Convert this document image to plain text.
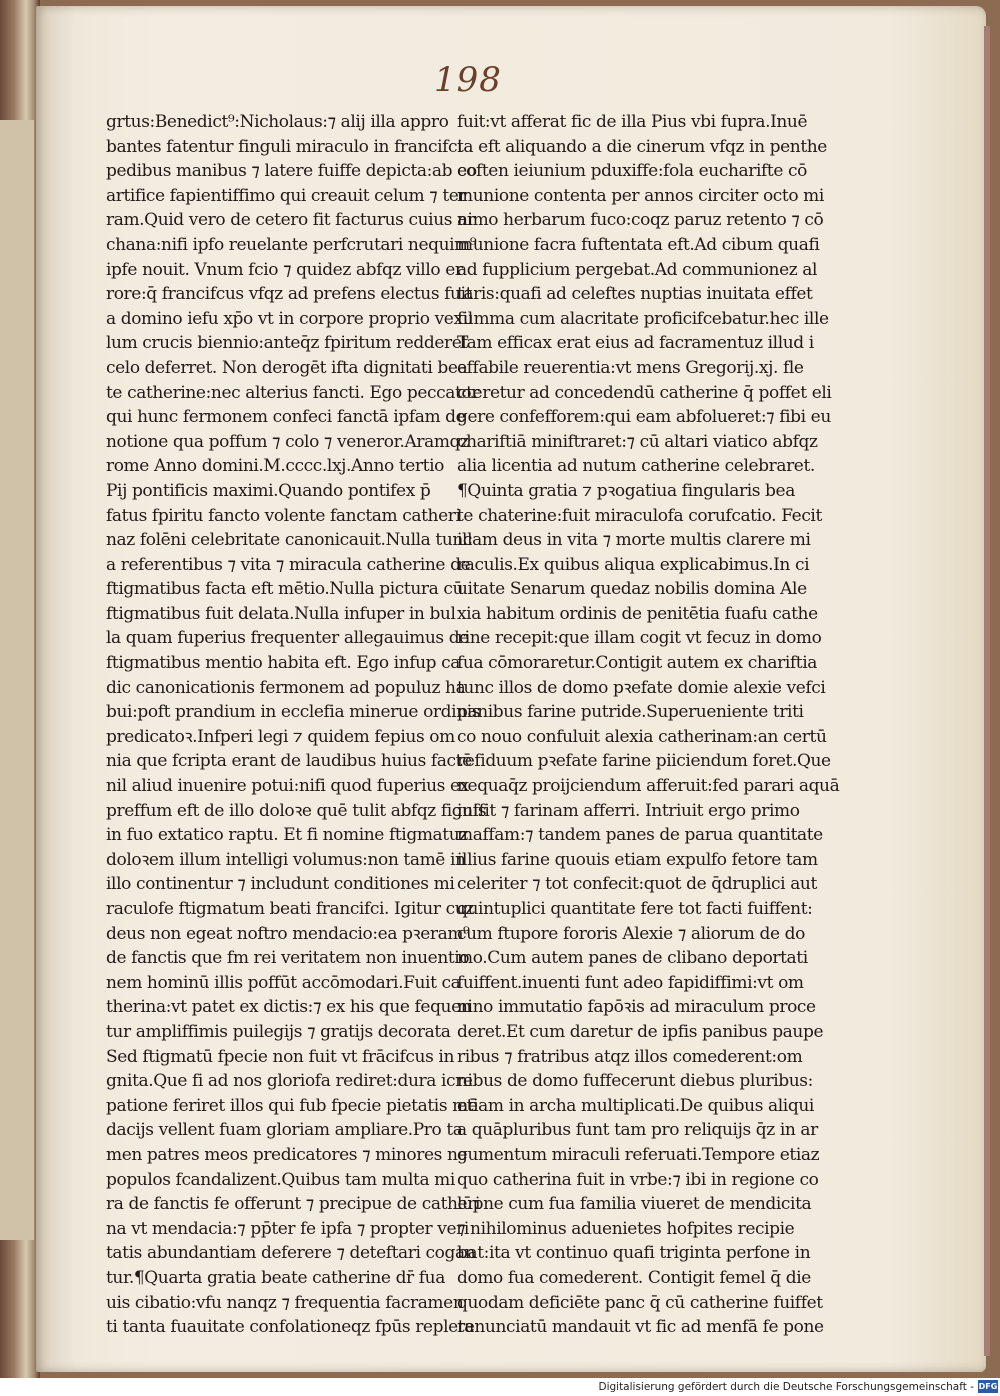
198
grtus:Benedict⁹:Nicholaus:⁊ alij illa appro
bantes fatentur finguli miraculo in francifci
pedibus manibus ⁊ latere fuiffe depicta:ab eo
artifice fapientiffimo qui creauit celum ⁊ ter
ram.Quid vero de cetero fit facturus cuius ar
chana:nifi ipfo reuelante perfcrutari nequim⁹
ipfe nouit. Vnum fcio ⁊ quidez abfqz villo er
rore:q̄ francifcus vfqz ad prefens electus fuit
a domino iefu xp̄o vt in corpore proprio vexil
lum crucis biennio:anteq̄z fpiritum redderet
celo deferret. Non derogēt ifta dignitati bea
te catherine:nec alterius fancti. Ego peccator
qui hunc fermonem confeci fanctā ipfam de
notione qua poffum ⁊ colo ⁊ veneror.Aramqz
rome Anno domini.M.cccc.lxj.Anno tertio
Pij pontificis maximi.Quando pontifex p̄
fatus fpiritu fancto volente fanctam catheri
naz folēni celebritate canonicauit.Nulla tunc
a referentibus ⁊ vita ⁊ miracula catherine de
ftigmatibus facta eft mētio.Nulla pictura cū
ftigmatibus fuit delata.Nulla infuper in bul
la quam fuperius frequenter allegauimus de
ftigmatibus mentio habita eft. Ego infup ca
dic canonicationis fermonem ad populuz ha
bui:poft prandium in ecclefia minerue ordinis
predicatoꝛ.Infperi legi ⁊ quidem fepius om
nia que fcripta erant de laudibus huius factē
nil aliud inuenire potui:nifi quod fuperius ex
preffum eft de illo doloꝛe quē tulit abfqz fignis
in fuo extatico raptu. Et fi nomine ftigmatuz
doloꝛem illum intelligi volumus:non tamē in
illo continentur ⁊ includunt conditiones mi
raculofe ftigmatum beati francifci. Igitur cuz
deus non egeat noftro mendacio:ea pꝛeram⁹
de fanctis que fm rei veritatem non inuentio
nem hominū illis poffūt accōmodari.Fuit ca
therina:vt patet ex dictis:⁊ ex his que fequen
tur ampliffimis puilegijs ⁊ gratijs decorata
Sed ftigmatū fpecie non fuit vt frācifcus in
gnita.Que fi ad nos gloriofa rediret:dura icre
patione feriret illos qui fub fpecie pietatis mē
dacijs vellent fuam gloriam ampliare.Pro ta
men patres meos predicatores ⁊ minores ne
populos fcandalizent.Quibus tam multa mi
ra de fanctis fe offerunt ⁊ precipue de catheri
na vt mendacia:⁊ pp̄ter fe ipfa ⁊ propter veri
tatis abundantiam deferere ⁊ deteftari cogan
tur.¶Quarta gratia beate catherine dr̄ fua
uis cibatio:vfu nanqz ⁊ frequentia facramen
ti tanta fuauitate confolationeqz fpūs repleta
fuit:vt afferat fic de illa Pius vbi fupra.Inuē
ta eft aliquando a die cinerum vfqz in penthe
coften ieiunium pduxiffe:fola eucharifte cō
munione contenta per annos circiter octo mi
nimo herbarum fuco:coqz paruz retento ⁊ cō
munione facra fuftentata eft.Ad cibum quafi
ad fupplicium pergebat.Ad communionez al
taris:quafi ad celeftes nuptias inuitata effet
fumma cum alacritate proficifcebatur.hec ille
Tam efficax erat eius ad facramentuz illud i
effabile reuerentia:vt mens Gregorij.xj. fle
cteretur ad concedendū catherine q̄ poffet eli
gere confefforem:qui eam abfolueret:⁊ fibi eu
chariftiā miniftraret:⁊ cū altari viatico abfqz
alia licentia ad nutum catherine celebraret.
¶Quinta gratia ⁊ pꝛogatiua fingularis bea
te chaterine:fuit miraculofa corufcatio. Fecit
illam deus in vita ⁊ morte multis clarere mi
raculis.Ex quibus aliqua explicabimus.In ci
uitate Senarum quedaz nobilis domina Ale
xia habitum ordinis de penitētia fuafu cathe
rine recepit:que illam cogit vt fecuz in domo
fua cōmoraretur.Contigit autem ex chariftia
tunc illos de domo pꝛefate domie alexie vefci
panibus farine putride.Superueniente triti
co nouo confuluit alexia catherinam:an certū
refiduum pꝛefate farine piiciendum foret.Que
nequaq̄z proijciendum afferuit:fed parari aquā
iuffit ⁊ farinam afferri. Intriuit ergo primo
maffam:⁊ tandem panes de parua quantitate
illius farine quouis etiam expulfo fetore tam
celeriter ⁊ tot confecit:quot de q̄druplici aut
quintuplici quantitate fere tot facti fuiffent:
cum ftupore fororis Alexie ⁊ aliorum de do
mo.Cum autem panes de clibano deportati
fuiffent.inuenti funt adeo fapidiffimi:vt om
nino immutatio fapōꝛis ad miraculum proce
deret.Et cum daretur de ipfis panibus paupe
ribus ⁊ fratribus atqz illos comederent:om
nibus de domo fuffecerunt diebus pluribus:
etiam in archa multiplicati.De quibus aliqui
a quāpluribus funt tam pro reliquijs q̄z in ar
gumentum miraculi referuati.Tempore etiaz
quo catherina fuit in vrbe:⁊ ibi in regione co
lūpne cum fua familia viueret de mendicita
⁊ nihilominus aduenietes hofpites recipie
bat:ita vt continuo quafi triginta perfone in
domo fua comederent. Contigit femel q̄ die
quodam deficiēte panc q̄ cū catherine fuiffet
renunciatū mandauit vt fic ad menfā fe pone
Digitalisierung gefördert durch die Deutsche Forschungsgemeinschaft - DFG
